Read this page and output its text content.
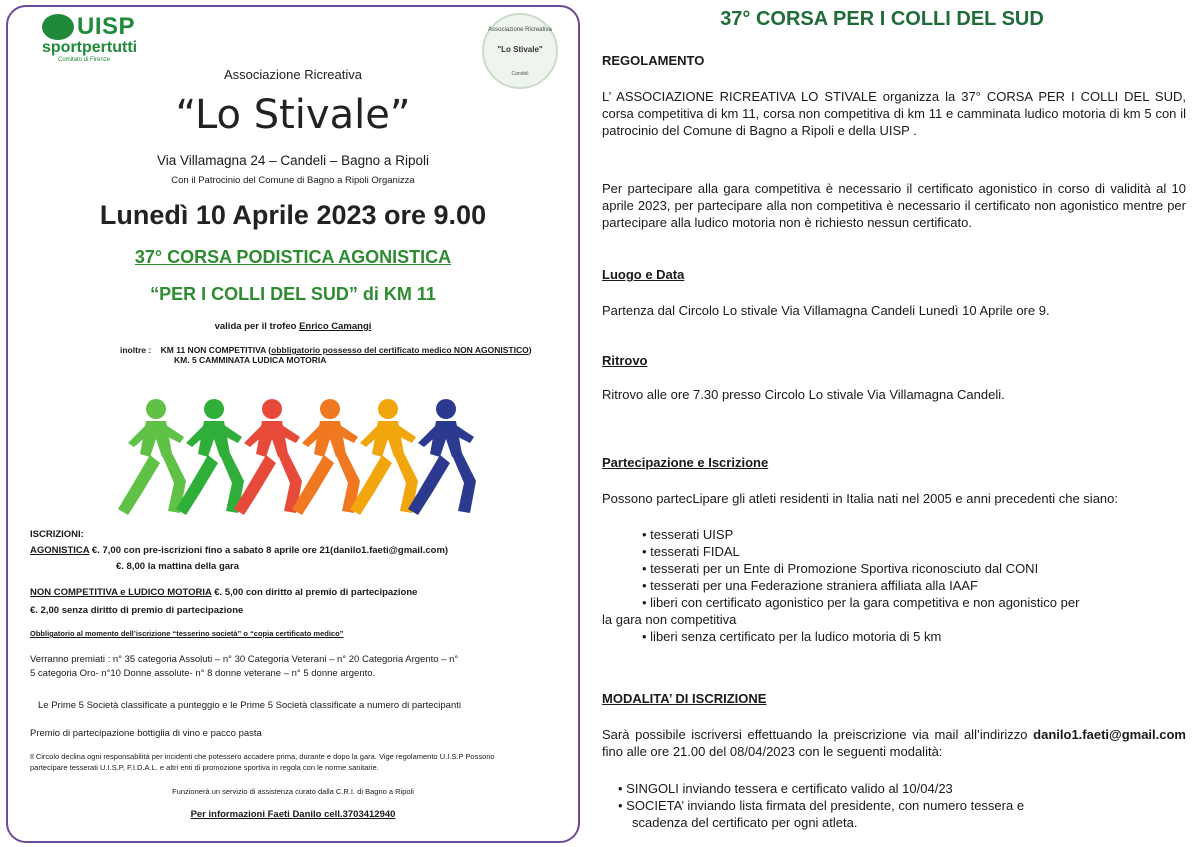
UISP
sportpertutti
Comitato di Firenze
Associazione Ricreativa
"Lo Stivale"
Candeli
Associazione Ricreativa
“Lo Stivale”
Via Villamagna 24 – Candeli – Bagno a Ripoli
Con il Patrocinio del Comune di Bagno a Ripoli Organizza
Lunedì 10 Aprile 2023 ore 9.00
37° CORSA PODISTICA AGONISTICA
“PER I COLLI DEL SUD” di KM 11
valida per il trofeo Enrico Camangi
inoltre : KM 11 NON COMPETITIVA (obbligatorio possesso del certificato medico NON AGONISTICO)
KM. 5 CAMMINATA LUDICA MOTORIA
ISCRIZIONI:
AGONISTICA €. 7,00 con pre-iscrizioni fino a sabato 8 aprile ore 21(danilo1.faeti@gmail.com)
€. 8,00 la mattina della gara
NON COMPETITIVA e LUDICO MOTORIA €. 5,00 con diritto al premio di partecipazione
€. 2,00 senza diritto di premio di partecipazione
Obbligatorio al momento dell’iscrizione “tesserino società” o “copia certificato medico”
Verranno premiati : n° 35 categoria Assoluti – n° 30 Categoria Veterani – n° 20 Categoria Argento – n°
5 categoria Oro- n°10 Donne assolute- n° 8 donne veterane – n° 5 donne argento.
Le Prime 5 Società classificate a punteggio e le Prime 5 Società classificate a numero di partecipanti
Premio di partecipazione bottiglia di vino e pacco pasta
Il Circolo declina ogni responsabilità per incidenti che potessero accadere prima, durante e dopo la gara. Vige regolamento U.I.S.P Possono
partecipare tesserati U.I.S.P, F.I.D.A.L. e altri enti di promozione sportiva in regola con le norme sanitarie.
Funzionerà un servizio di assistenza curato dalla C.R.I. di Bagno a Ripoli
Per informazioni Faeti Danilo cell.3703412940
37° CORSA PER I COLLI DEL SUD
REGOLAMENTO
L’ ASSOCIAZIONE RICREATIVA LO STIVALE organizza la 37° CORSA PER I COLLI DEL SUD, corsa competitiva di km 11, corsa non competitiva di km 11 e camminata ludico motoria di km 5 con il patrocinio del Comune di Bagno a Ripoli e della UISP .
Per partecipare alla gara competitiva è necessario il certificato agonistico in corso di validità al 10 aprile 2023, per partecipare alla non competitiva è necessario il certificato non agonistico mentre per partecipare alla ludico motoria non è richiesto nessun certificato.
Luogo e Data
Partenza dal Circolo Lo stivale Via Villamagna Candeli Lunedì 10 Aprile ore 9.
Ritrovo
Ritrovo alle ore 7.30 presso Circolo Lo stivale Via Villamagna Candeli.
Partecipazione e Iscrizione
Possono partecLipare gli atleti residenti in Italia nati nel 2005 e anni precedenti che siano:
• tesserati UISP
• tesserati FIDAL
• tesserati per un Ente di Promozione Sportiva riconosciuto dal CONI
• tesserati per una Federazione straniera affiliata alla IAAF
• liberi con certificato agonistico per la gara competitiva e non agonistico per
la gara non competitiva
• liberi senza certificato per la ludico motoria di 5 km
MODALITA’ DI ISCRIZIONE
Sarà possibile iscriversi effettuando la preiscrizione via mail all’indirizzo danilo1.faeti@gmail.com fino alle ore 21.00 del 08/04/2023 con le seguenti modalità:
• SINGOLI inviando tessera e certificato valido al 10/04/23
• SOCIETA’ inviando lista firmata del presidente, con numero tessera e
scadenza del certificato per ogni atleta.
